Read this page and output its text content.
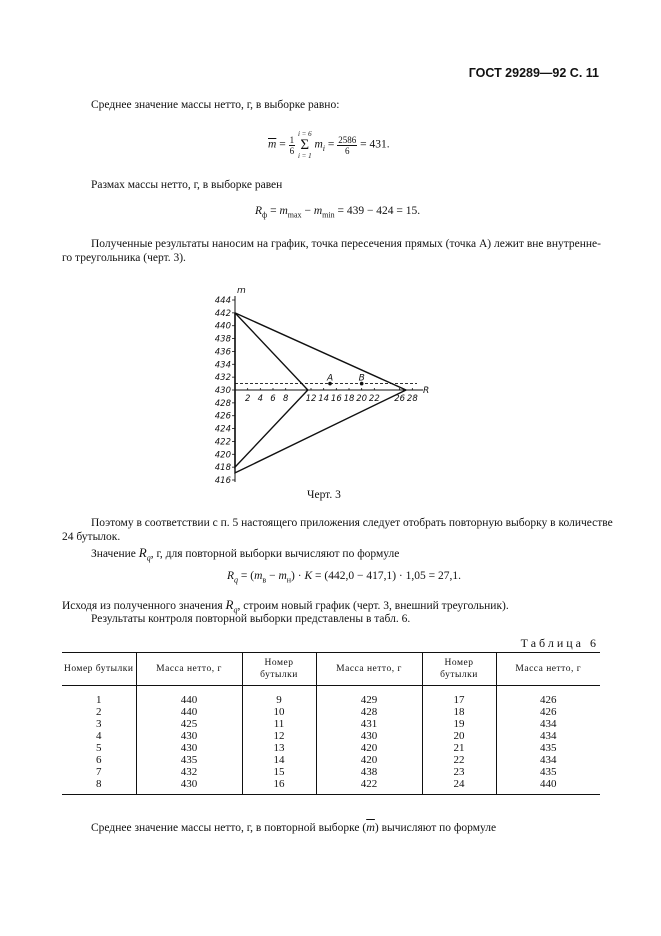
ГОСТ 29289—92 С. 11
Среднее значение массы нетто, г, в выборке равно:
$\overline{m} = \frac{1}{6}$

i = 6
Σ
i = 1
$m_i = \frac{2586}{6} = 431$.
Размах массы нетто, г, в выборке равен
$R_ф = m_{max} - m_{min} = 439 - 424 = 15$.
Полученные результаты наносим на график, точка пересечения прямых (точка A) лежит вне внутренне-
го треугольника (черт. 3).
444
442
440
438
436
434
432
430
428
426
424
422
420
418
416
2 4 6 8 12 14 16 18 20 22 26 28
m
R
A	B
Черт. 3
Поэтому в соответствии с п. 5 настоящего приложения следует отобрать повторную выборку в количестве
24 бутылок.
Значение $R_q$, г, для повторной выборки вычисляют по формуле
$R_q = (m_в - m_н) \cdot K = (442,0 - 417,1) \cdot 1,05 = 27,1$.
Исходя из полученного значения $R_q$, строим новый график (черт. 3, внешний треугольник).
Результаты контроля повторной выборки представлены в табл. 6.
Таблица 6
Номер бутылки	Масса нетто, г	Номер бутылки	Масса нетто, г	Номер бутылки	Масса нетто, г
1	440	9	429	17	426
2	440	10	428	18	426
3	425	11	431	19	434
4	430	12	430	20	434
5	430	13	420	21	435
6	435	14	420	22	434
7	432	15	438	23	435
8	430	16	422	24	440
Среднее значение массы нетто, г, в повторной выборке $(\overline{m})$ вычисляют по формуле
